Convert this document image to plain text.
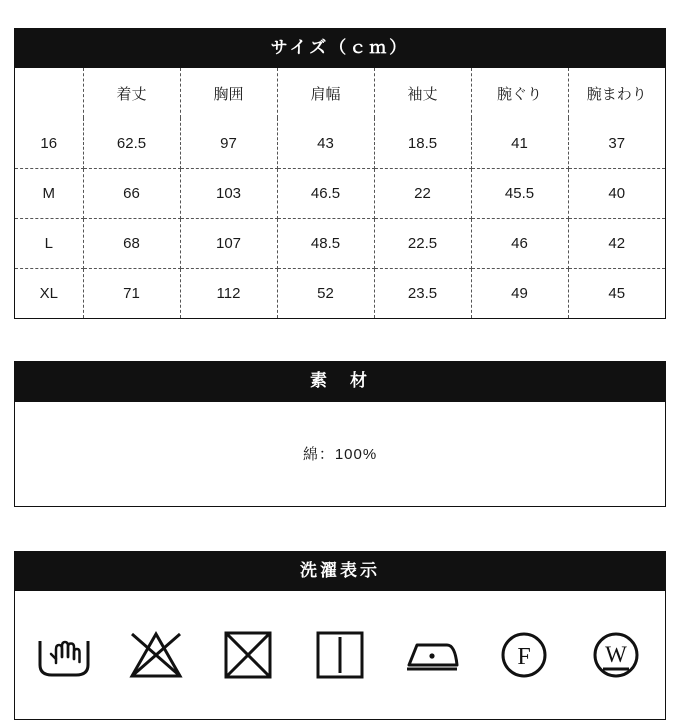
サイズ（ｃｍ）
	着丈	胸囲	肩幅	袖丈	腕ぐり	腕まわり
16	62.5	97	43	18.5	41	37
M	66	103	46.5	22	45.5	40
L	68	107	48.5	22.5	46	42
XL	71	112	52	23.5	49	45
素　材
綿：100%
洗濯表示
F	W
